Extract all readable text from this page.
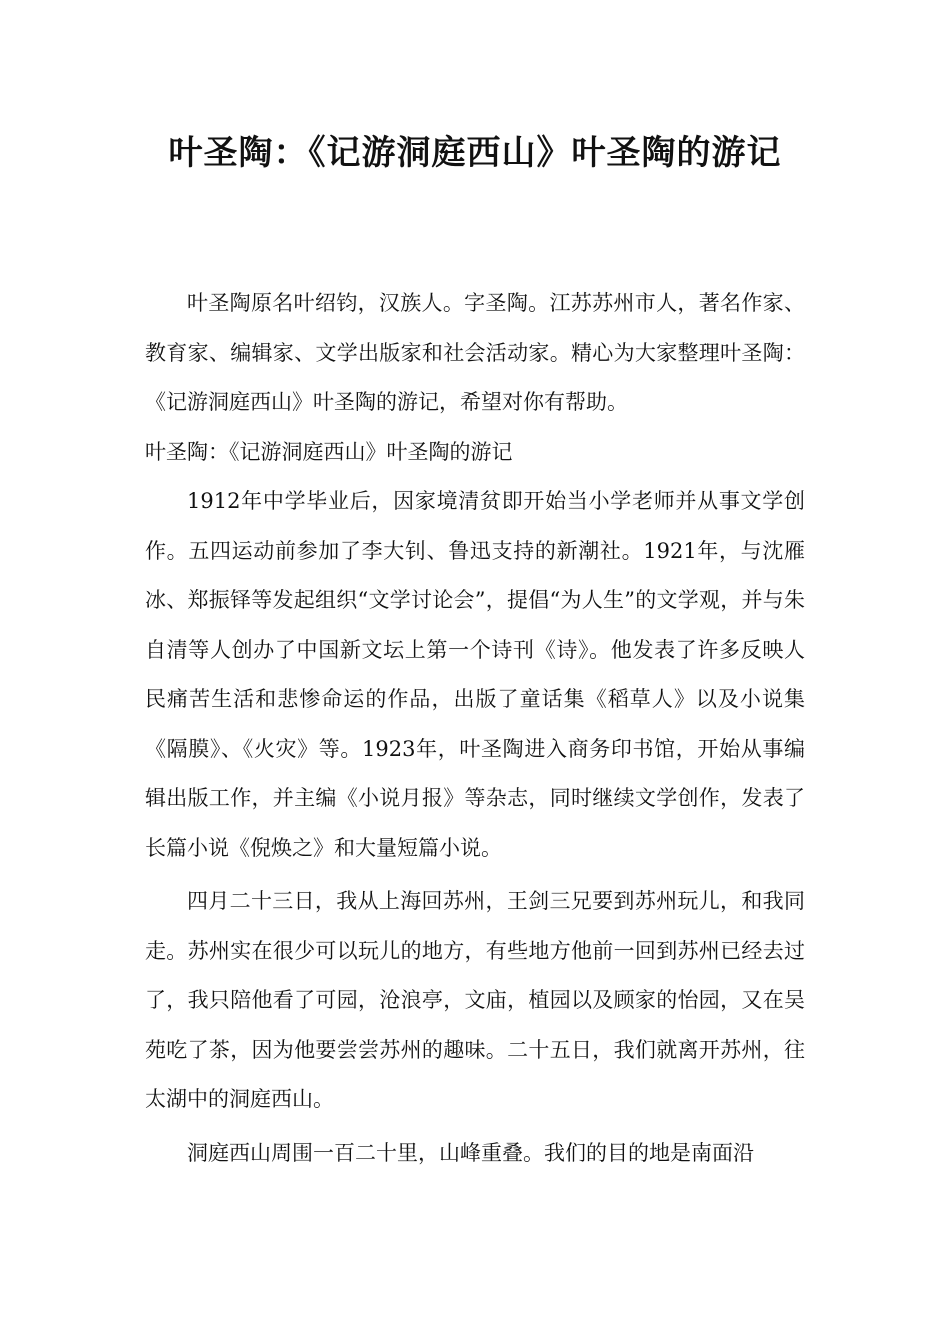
叶圣陶：《记游洞庭西山》叶圣陶的游记

叶圣陶原名叶绍钧，汉族人。字圣陶。江苏苏州市人，著名作家、教育家、编辑家、文学出版家和社会活动家。精心为大家整理叶圣陶：《记游洞庭西山》叶圣陶的游记，希望对你有帮助。

叶圣陶：《记游洞庭西山》叶圣陶的游记

1912年中学毕业后，因家境清贫即开始当小学老师并从事文学创作。五四运动前参加了李大钊、鲁迅支持的新潮社。1921年，与沈雁冰、郑振铎等发起组织“文学讨论会”，提倡“为人生”的文学观，并与朱自清等人创办了中国新文坛上第一个诗刊《诗》。他发表了许多反映人民痛苦生活和悲惨命运的作品，出版了童话集《稻草人》以及小说集《隔膜》、《火灾》等。1923年，叶圣陶进入商务印书馆，开始从事编辑出版工作，并主编《小说月报》等杂志，同时继续文学创作，发表了长篇小说《倪焕之》和大量短篇小说。

四月二十三日，我从上海回苏州，王剑三兄要到苏州玩儿，和我同走。苏州实在很少可以玩儿的地方，有些地方他前一回到苏州已经去过了，我只陪他看了可园，沧浪亭，文庙，植园以及顾家的怡园，又在吴苑吃了茶，因为他要尝尝苏州的趣味。二十五日，我们就离开苏州，往太湖中的洞庭西山。

洞庭西山周围一百二十里，山峰重叠。我们的目的地是南面沿
